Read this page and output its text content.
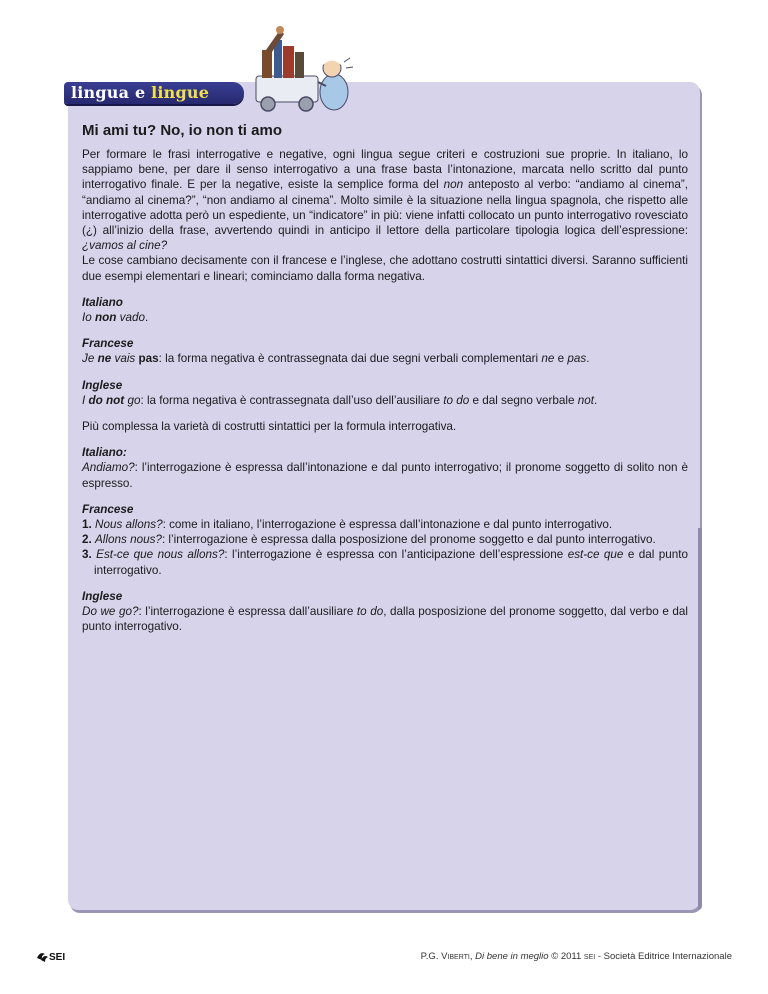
lingua e lingue
Mi ami tu? No, io non ti amo

Per formare le frasi interrogative e negative, ogni lingua segue criteri e costruzioni sue proprie. In italiano, lo sappiamo bene, per dare il senso interrogativo a una frase basta l’intonazione, marcata nello scritto dal punto interrogativo finale. E per la negative, esiste la semplice forma del non anteposto al verbo: “andiamo al cinema”, “andiamo al cinema?”, “non andiamo al cinema”. Molto simile è la situazione nella lingua spagnola, che rispetto alle interrogative adotta però un espediente, un “indicatore” in più: viene infatti collocato un punto interrogativo rovesciato (¿) all’inizio della frase, avvertendo quindi in anticipo il lettore della particolare tipologia logica dell’espressione: ¿vamos al cine?

Le cose cambiano decisamente con il francese e l’inglese, che adottano costrutti sintattici diversi. Saranno sufficienti due esempi elementari e lineari; cominciamo dalla forma negativa.

Italiano
Io non vado.
Francese
Je ne vais pas: la forma negativa è contrassegnata dai due segni verbali complementari ne e pas.
Inglese
I do not go: la forma negativa è contrassegnata dall’uso dell’ausiliare to do e dal segno verbale not.

Più complessa la varietà di costrutti sintattici per la formula interrogativa.

Italiano:

Andiamo?: l’interrogazione è espressa dall’intonazione e dal punto interrogativo; il pronome soggetto di solito non è espresso.

Francese
1. Nous allons?: come in italiano, l’interrogazione è espressa dall’intonazione e dal punto interrogativo.
2. Allons nous?: l’interrogazione è espressa dalla posposizione del pronome soggetto e dal punto interrogativo.
3. Est-ce que nous allons?: l’interrogazione è espressa con l’anticipazione dell’espressione est-ce que e dal punto interrogativo.
Inglese

Do we go?: l’interrogazione è espressa dall’ausiliare to do, dalla posposizione del pronome soggetto, dal verbo e dal punto interrogativo.

SEI	P.G. Viberti, Di bene in meglio © 2011 sei - Società Editrice Internazionale
